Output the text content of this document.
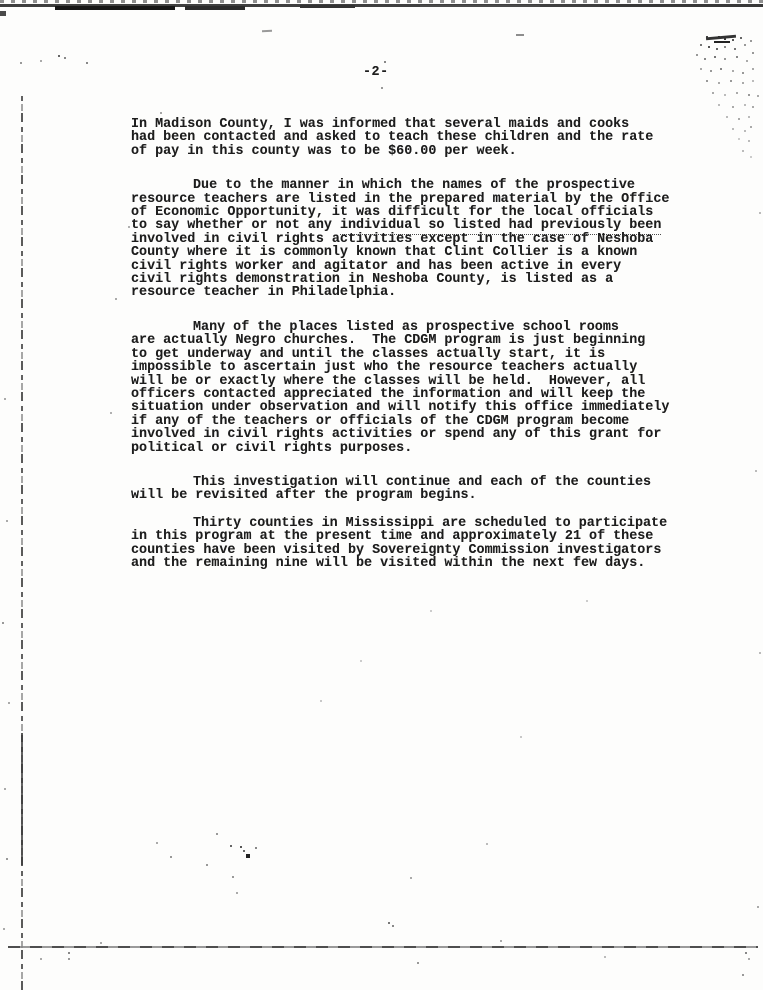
-2-
In Madison County, I was informed that several maids and cooks
had been contacted and asked to teach these children and the rate
of pay in this county was to be $60.00 per week.
Due to the manner in which the names of the prospective
resource teachers are listed in the prepared material by the Office
of Economic Opportunity, it was difficult for the local officials
to say whether or not any individual so listed had previously been
involved in civil rights activities except in the case of Neshoba
County where it is commonly known that Clint Collier is a known
civil rights worker and agitator and has been active in every
civil rights demonstration in Neshoba County, is listed as a
resource teacher in Philadelphia.
Many of the places listed as prospective school rooms
are actually Negro churches.  The CDGM program is just beginning
to get underway and until the classes actually start, it is
impossible to ascertain just who the resource teachers actually
will be or exactly where the classes will be held.  However, all
officers contacted appreciated the information and will keep the
situation under observation and will notify this office immediately
if any of the teachers or officials of the CDGM program become
involved in civil rights activities or spend any of this grant for
political or civil rights purposes.
This investigation will continue and each of the counties
will be revisited after the program begins.
Thirty counties in Mississippi are scheduled to participate
in this program at the present time and approximately 21 of these
counties have been visited by Sovereignty Commission investigators
and the remaining nine will be visited within the next few days.
